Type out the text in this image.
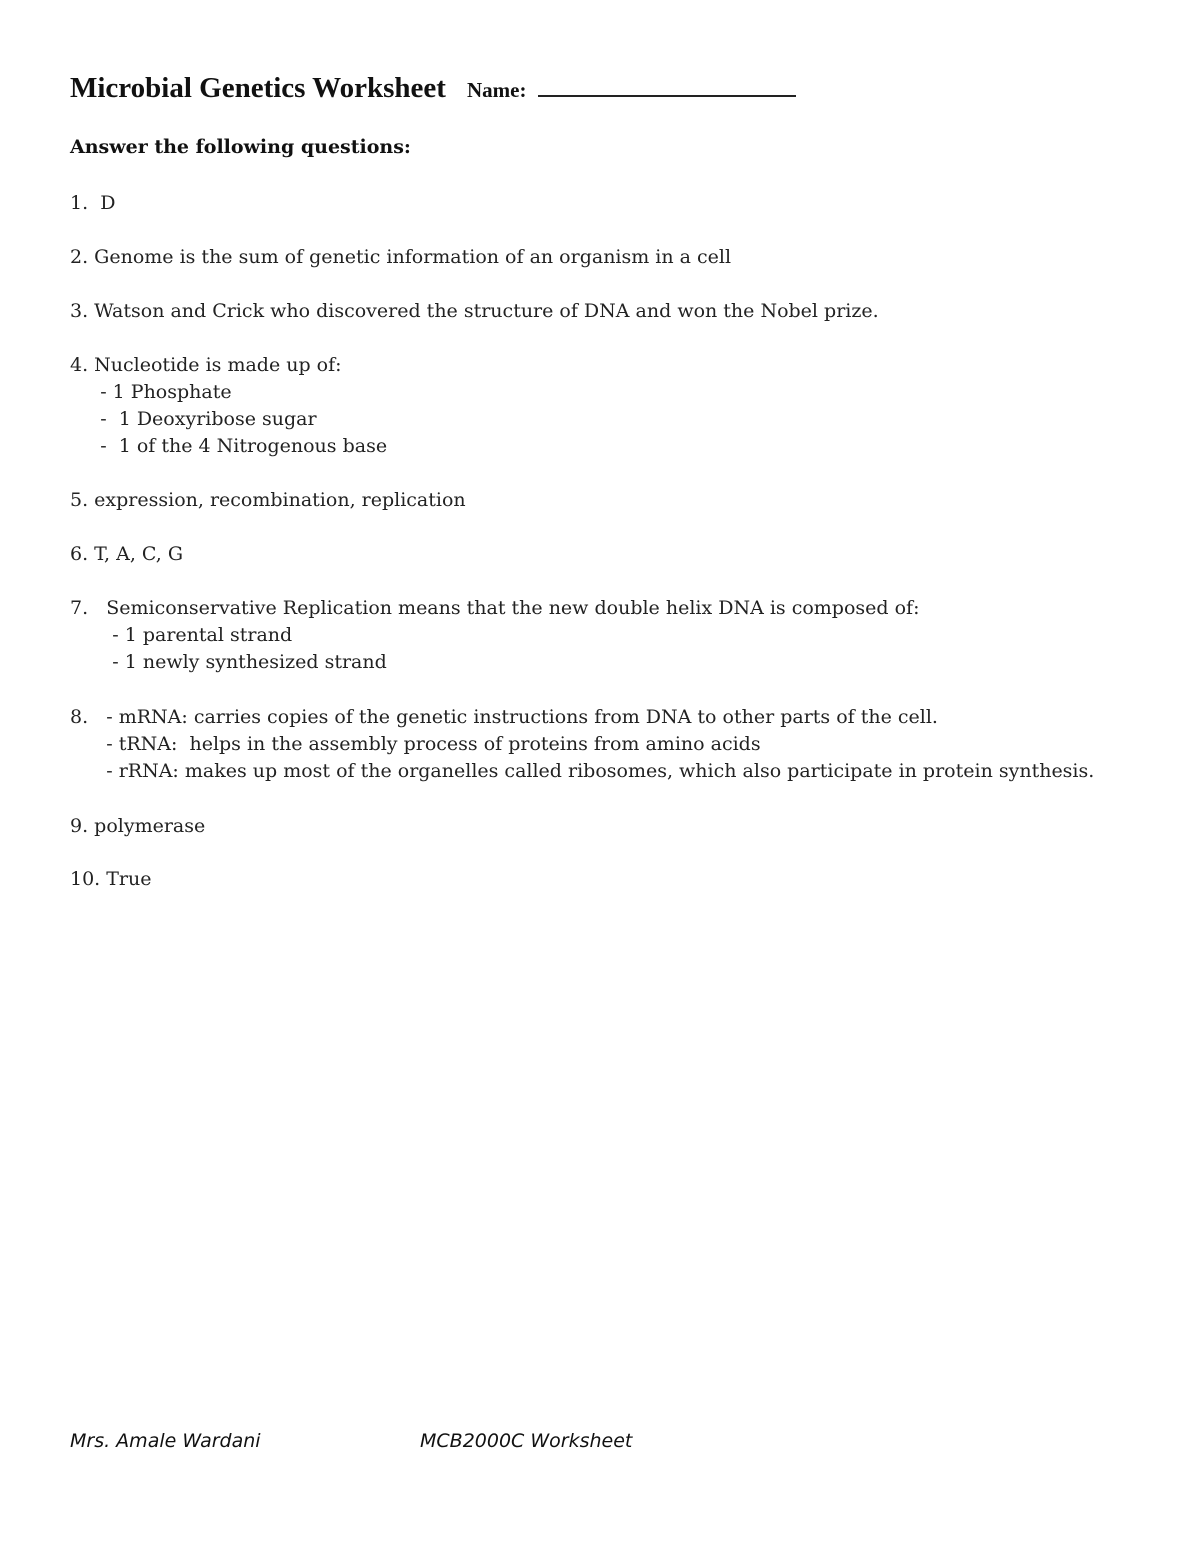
Microbial Genetics Worksheet Name:
Answer the following questions:
1.  D
2. Genome is the sum of genetic information of an organism in a cell
3. Watson and Crick who discovered the structure of DNA and won the Nobel prize.
4. Nucleotide is made up of:
- 1 Phosphate
-  1 Deoxyribose sugar
-  1 of the 4 Nitrogenous base
5. expression, recombination, replication
6. T, A, C, G
7.   Semiconservative Replication means that the new double helix DNA is composed of:
- 1 parental strand
- 1 newly synthesized strand
8.   - mRNA: carries copies of the genetic instructions from DNA to other parts of the cell.
- tRNA:  helps in the assembly process of proteins from amino acids
- rRNA: makes up most of the organelles called ribosomes, which also participate in protein synthesis.
9. polymerase
10. True
Mrs. Amale Wardani	MCB2000C Worksheet
